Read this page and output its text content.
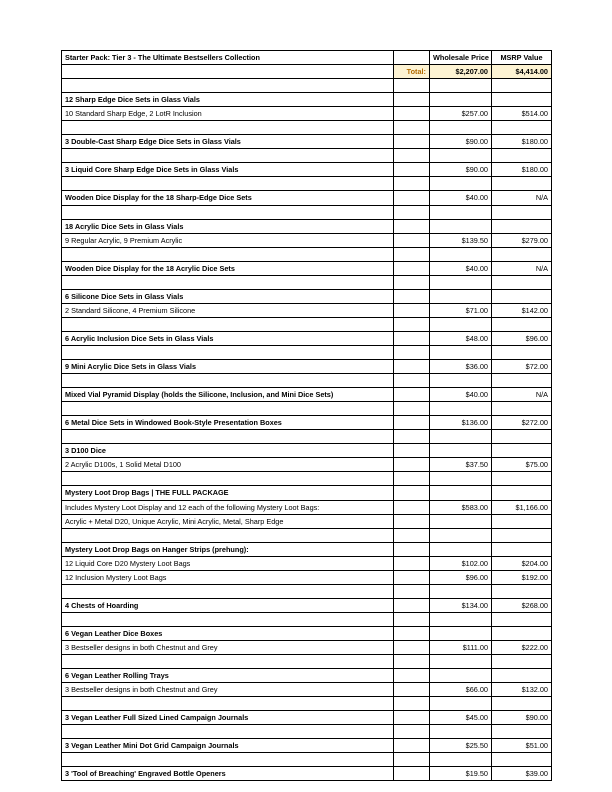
Starter Pack: Tier 3 - The Ultimate Bestsellers Collection		Wholesale Price	MSRP Value
	Total:	$2,207.00	$4,414.00

12 Sharp Edge Dice Sets in Glass Vials			
10 Standard Sharp Edge, 2 LotR Inclusion		$257.00	$514.00

3 Double-Cast Sharp Edge Dice Sets in Glass Vials		$90.00	$180.00

3 Liquid Core Sharp Edge Dice Sets in Glass Vials		$90.00	$180.00

Wooden Dice Display for the 18 Sharp-Edge Dice Sets		$40.00	N/A

18 Acrylic Dice Sets in Glass Vials			
9 Regular Acrylic, 9 Premium Acrylic		$139.50	$279.00

Wooden Dice Display for the 18 Acrylic Dice Sets		$40.00	N/A

6 Silicone Dice Sets in Glass Vials			
2 Standard Silicone, 4 Premium Silicone		$71.00	$142.00

6 Acrylic Inclusion Dice Sets in Glass Vials		$48.00	$96.00

9 Mini Acrylic Dice Sets in Glass Vials		$36.00	$72.00

Mixed Vial Pyramid Display (holds the Silicone, Inclusion, and Mini Dice Sets)		$40.00	N/A

6 Metal Dice Sets in Windowed Book-Style Presentation Boxes		$136.00	$272.00

3 D100 Dice			
2 Acrylic D100s, 1 Solid Metal D100		$37.50	$75.00

Mystery Loot Drop Bags | THE FULL PACKAGE			
Includes Mystery Loot Display and 12 each of the following Mystery Loot Bags:		$583.00	$1,166.00
Acrylic + Metal D20, Unique Acrylic, Mini Acrylic, Metal, Sharp Edge			

Mystery Loot Drop Bags on Hanger Strips (prehung):			
12 Liquid Core D20 Mystery Loot Bags		$102.00	$204.00
12 Inclusion Mystery Loot Bags		$96.00	$192.00

4 Chests of Hoarding		$134.00	$268.00

6 Vegan Leather Dice Boxes			
3 Bestseller designs in both Chestnut and Grey		$111.00	$222.00

6 Vegan Leather Rolling Trays			
3 Bestseller designs in both Chestnut and Grey		$66.00	$132.00

3 Vegan Leather Full Sized Lined Campaign Journals		$45.00	$90.00

3 Vegan Leather Mini Dot Grid Campaign Journals		$25.50	$51.00

3 'Tool of Breaching' Engraved Bottle Openers		$19.50	$39.00
